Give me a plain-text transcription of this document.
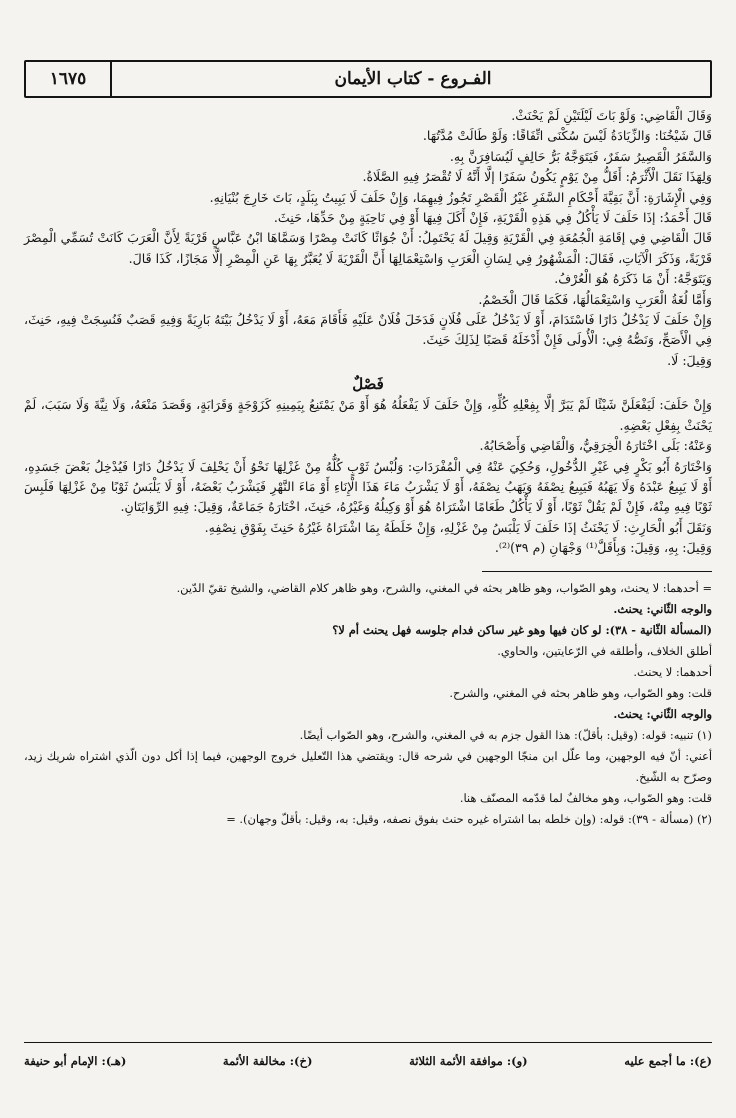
الفـروع - كتاب الأيمان
١٦٧٥

وَقَالَ الْقَاضِي: وَلَوْ بَاتَ لَيْلَتَيْنِ لَمْ يَحْنَثْ.

قَالَ شَيْخُنَا: وَالزِّيَادَةُ لَيْسَ سُكْنَى اتِّفَاقًا: وَلَوْ طَالَتْ مُدَّتُهَا.

وَالسَّفَرُ الْقَصِيرُ سَفَرٌ، فَيَتَوَجَّهُ بَرُّ حَالِفٍ لَيُسَافِرَنَّ بِهِ.

وَلِهَذَا نَقَلَ الْأَثْرَمُ: أَقَلُّ مِنْ يَوْمٍ يَكُونُ سَفَرًا إلَّا أَنَّهُ لَا تُقْصَرُ فِيهِ الصَّلَاةُ.

وَفِي الْإِشَارَةِ: أَنَّ بَقِيَّةَ أَحْكَامِ السَّفَرِ غَيْرُ الْقَصْرِ تَجُوزُ فِيهِمَا، وَإِنْ حَلَفَ لَا يَبِيتُ بِبَلَدٍ، بَاتَ خَارِجَ بُنْيَانِهِ.

قَالَ أَحْمَدُ: إذَا حَلَفَ لَا يَأْكُلُ فِي هَذِهِ الْقَرْيَةِ، فَإِنْ أَكَلَ فِيهَا أَوْ فِي نَاحِيَةٍ مِنْ حَدِّهَا، حَنِثَ.

قَالَ الْقَاضِي فِي إقَامَةِ الْجُمُعَةِ فِي الْقَرْيَةِ وَقِيلَ لَهُ يَحْتَمِلُ: أَنْ جُوَاثًا كَانَتْ مِصْرًا وَسَمَّاهَا ابْنُ عَبَّاسٍ قَرْيَةً لِأَنَّ الْعَرَبَ كَانَتْ تُسَمِّي الْمِصْرَ قَرْيَةً، وَذَكَرَ الْآيَاتِ، فَقَالَ: الْمَشْهُورُ فِي لِسَانِ الْعَرَبِ وَاسْتِعْمَالِهَا أَنَّ الْقَرْيَةَ لَا يُعَبَّرُ بِهَا عَنِ الْمِصْرِ إلَّا مَجَازًا، كَذَا قَالَ.

وَيَتَوَجَّهُ: أَنْ مَا ذَكَرَهُ هُوَ الْعُرْفُ.

وَأَمَّا لُغَةُ الْعَرَبِ وَاسْتِعْمَالُهَا، فَكَمَا قَالَ الْخَصْمُ.

وَإِنْ حَلَفَ لَا يَدْخُلُ دَارًا فَاسْتَدَامَ، أَوْ لَا يَدْخُلُ عَلَى فُلَانٍ فَدَخَلَ فُلَانٌ عَلَيْهِ فَأَقَامَ مَعَهُ، أَوْ لَا يَدْخُلُ بَيْتَهُ بَارِيَةً وَفِيهِ قَصَبٌ فَنُسِجَتْ فِيهِ، حَنِثَ، فِي الْأَصَحِّ، وَنَصُّهُ فِي: الْأُولَى فَإِنْ أَدْخَلَهُ قَصَبًا لِذَلِكَ حَنِثَ.

وَقِيلَ: لَا.

فَصْلٌ

وَإِنْ حَلَفَ: لَيَفْعَلَنَّ شَيْئًا لَمْ يَبَرَّ إلَّا بِفِعْلِهِ كُلِّهِ، وَإِنْ حَلَفَ لَا يَفْعَلُهُ هُوَ أَوْ مَنْ يَمْتَنِعُ بِيَمِينِهِ كَزَوْجَةٍ وَقَرَابَةٍ، وَقَصَدَ مَنْعَهُ، وَلَا نِيَّةَ وَلَا سَبَبَ، لَمْ يَحْنَثْ بِفِعْلِ بَعْضِهِ.

وَعَنْهُ: بَلَى اخْتَارَهُ الْخِرَقِيُّ، وَالْقَاضِي وَأَصْحَابُهُ.

وَاخْتَارَهُ أَبُو بَكْرٍ فِي غَيْرِ الدُّخُولِ، وَحُكِيَ عَنْهُ فِي الْمُفْرَدَاتِ: وَلُبْسُ ثَوْبٍ كُلُّهُ مِنْ غَزْلِهَا نَحْوُ أَنْ يَحْلِفَ لَا يَدْخُلُ دَارًا فَيُدْخِلُ بَعْضَ جَسَدِهِ، أَوْ لَا يَبِيعُ عَبْدَهُ وَلَا يَهَبُهُ فَيَبِيعُ نِصْفَهُ وَيَهَبُ نِصْفَهُ، أَوْ لَا يَشْرَبُ مَاءَ هَذَا الْإِنَاءِ أَوْ مَاءَ النَّهْرِ فَيَشْرَبُ بَعْضَهُ، أَوْ لَا يَلْبَسُ ثَوْبًا مِنْ غَزْلِهَا فَلَبِسَ ثَوْبًا فِيهِ مِنْهُ، فَإِنْ لَمْ يَقُلْ ثَوْبًا، أَوْ لَا يَأْكُلُ طَعَامًا اشْتَرَاهُ هُوَ أَوْ وَكِيلُهُ وَغَيْرُهُ، حَنِثَ، اخْتَارَهُ جَمَاعَةٌ، وَقِيلَ: فِيهِ الرِّوَايَتَانِ.

وَنَقَلَ أَبُو الْحَارِثِ: لَا يَحْنَثُ إذَا حَلَفَ لَا يَلْبَسُ مِنْ غَزْلِهِ، وَإِنْ خَلَطَهُ بِمَا اشْتَرَاهُ غَيْرُهُ حَنِثَ بِفَوْقِ نِصْفِهِ.

وَقِيلَ: بِهِ، وَقِيلَ: وَبِأَقَلَّ⁽¹⁾ وَجْهَانِ (م ٣٩)⁽²⁾.

= أحدهما: لا يحنث، وهو الصّواب، وهو ظاهر بحثه في المغني، والشرح، وهو ظاهر كلام القاضي، والشيخ تقيّ الدّين.

والوجه الثّاني: يحنث.

(المسألة الثّانية - ٣٨): لو كان فيها وهو غير ساكن فدام جلوسه فهل يحنث أم لا؟

أطلق الخلاف، وأطلقه في الرّعايتين، والحاوي.

أحدهما: لا يحنث.

قلت: وهو الصّواب، وهو ظاهر بحثه في المغني، والشرح.

والوجه الثّاني: يحنث.

(١) تنبيه: قوله: (وقيل: بأقلّ): هذا القول جزم به في المغني، والشرح، وهو الصّواب أيضًا.

أعني: أنّ فيه الوجهين، وما علّل ابن منجّا الوجهين في شرحه قال: ويقتضي هذا التّعليل خروج الوجهين، فيما إذا أكل دون الّذي اشتراه شريك زيد، وصرّح به الشّيخ.

قلت: وهو الصّواب، وهو مخالفٌ لما قدّمه المصنّف هنا.

(٢) (مسألة - ٣٩): قوله: (وإن خلطه بما اشتراه غيره حنث بفوق نصفه، وقيل: به، وقيل: بأقلّ وجهان). =

(ع): ما أجمع عليه
(و): موافقة الأئمة الثلاثة
(خ): مخالفة الأئمة
(هـ): الإمام أبو حنيفة
